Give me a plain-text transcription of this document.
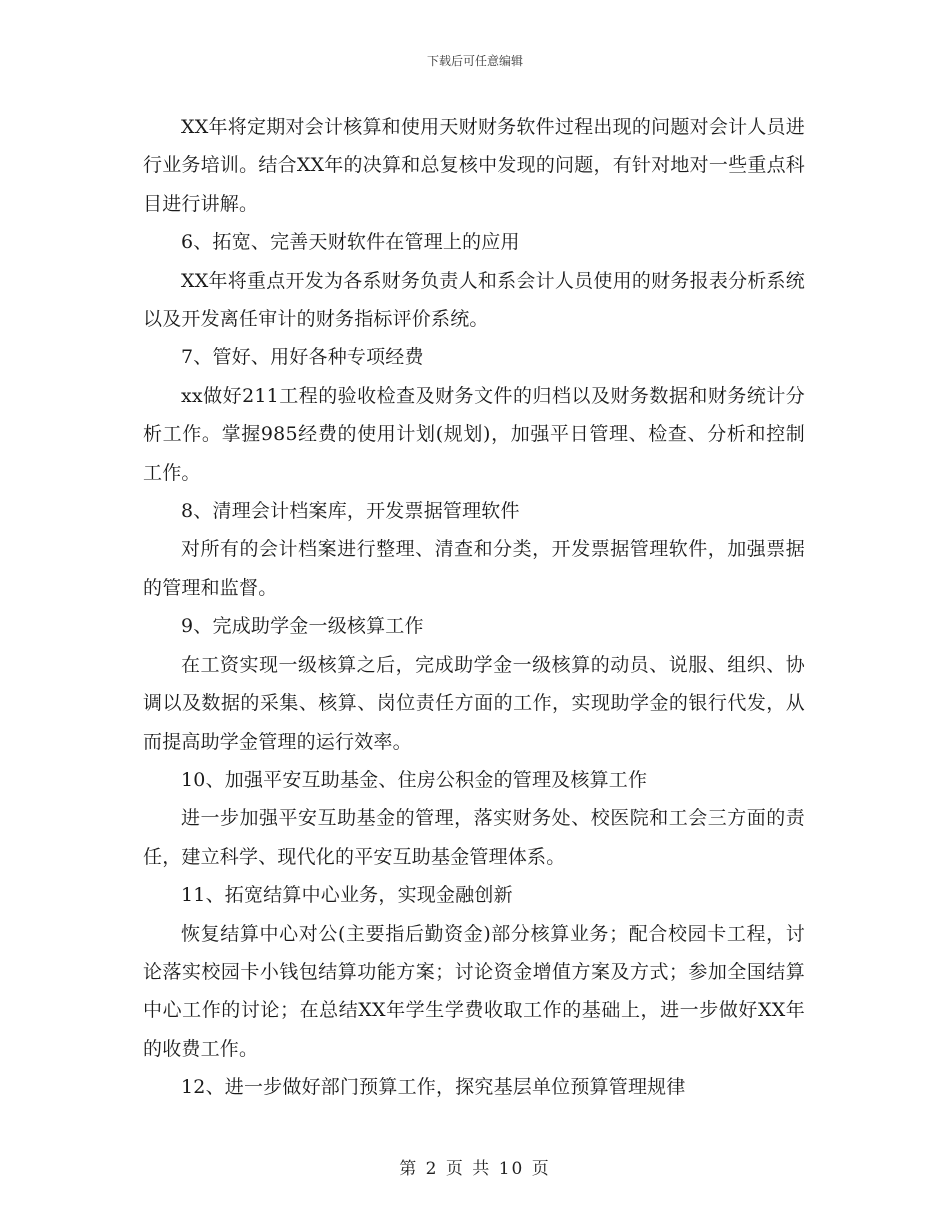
下载后可任意编辑

XX年将定期对会计核算和使用天财财务软件过程出现的问题对会计人员进行业务培训。结合XX年的决算和总复核中发现的问题，有针对地对一些重点科目进行讲解。

6、拓宽、完善天财软件在管理上的应用

XX年将重点开发为各系财务负责人和系会计人员使用的财务报表分析系统以及开发离任审计的财务指标评价系统。

7、管好、用好各种专项经费

xx做好211工程的验收检查及财务文件的归档以及财务数据和财务统计分析工作。掌握985经费的使用计划(规划)，加强平日管理、检查、分析和控制工作。

8、清理会计档案库，开发票据管理软件

对所有的会计档案进行整理、清查和分类，开发票据管理软件，加强票据的管理和监督。

9、完成助学金一级核算工作

在工资实现一级核算之后，完成助学金一级核算的动员、说服、组织、协调以及数据的采集、核算、岗位责任方面的工作，实现助学金的银行代发，从而提高助学金管理的运行效率。

10、加强平安互助基金、住房公积金的管理及核算工作

进一步加强平安互助基金的管理，落实财务处、校医院和工会三方面的责任，建立科学、现代化的平安互助基金管理体系。

11、拓宽结算中心业务，实现金融创新

恢复结算中心对公(主要指后勤资金)部分核算业务；配合校园卡工程，讨论落实校园卡小钱包结算功能方案；讨论资金增值方案及方式；参加全国结算中心工作的讨论；在总结XX年学生学费收取工作的基础上，进一步做好XX年的收费工作。

12、进一步做好部门预算工作，探究基层单位预算管理规律

第 2 页 共 10 页
